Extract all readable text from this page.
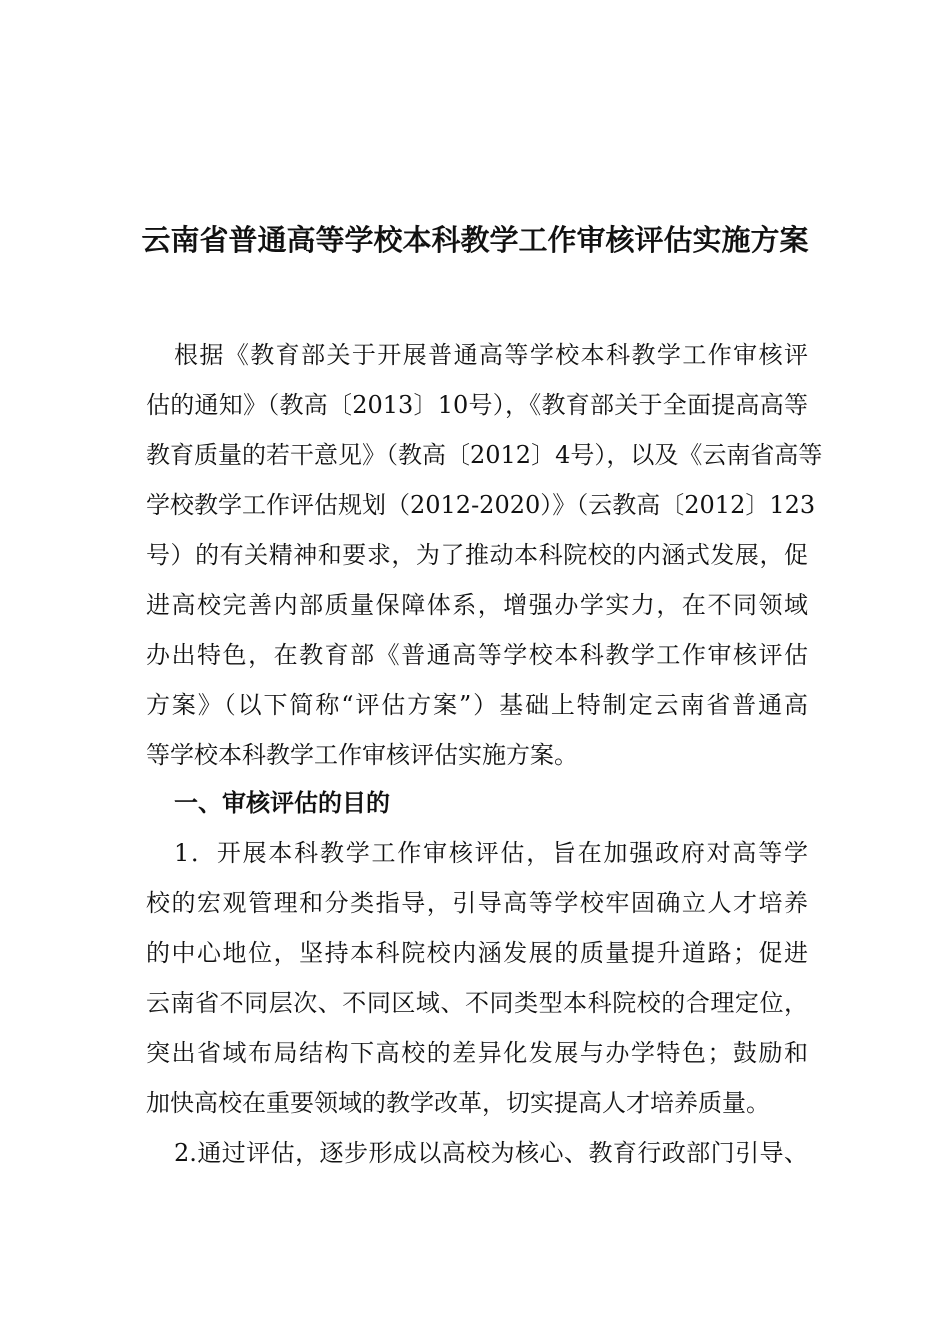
云南省普通高等学校本科教学工作审核评估实施方案
根据《教育部关于开展普通高等学校本科教学工作审核评
估的通知》（教高〔2013〕10号），《教育部关于全面提高高等
教育质量的若干意见》（教高〔2012〕4号），以及《云南省高等
学校教学工作评估规划（2012-2020）》（云教高〔2012〕123
号）的有关精神和要求，为了推动本科院校的内涵式发展，促
进高校完善内部质量保障体系，增强办学实力，在不同领域
办出特色，在教育部《普通高等学校本科教学工作审核评估
方案》（以下简称“评估方案”）基础上特制定云南省普通高
等学校本科教学工作审核评估实施方案。
一、审核评估的目的
1．开展本科教学工作审核评估，旨在加强政府对高等学
校的宏观管理和分类指导，引导高等学校牢固确立人才培养
的中心地位，坚持本科院校内涵发展的质量提升道路；促进
云南省不同层次、不同区域、不同类型本科院校的合理定位，
突出省域布局结构下高校的差异化发展与办学特色；鼓励和
加快高校在重要领域的教学改革，切实提高人才培养质量。
2.通过评估，逐步形成以高校为核心、教育行政部门引导、
